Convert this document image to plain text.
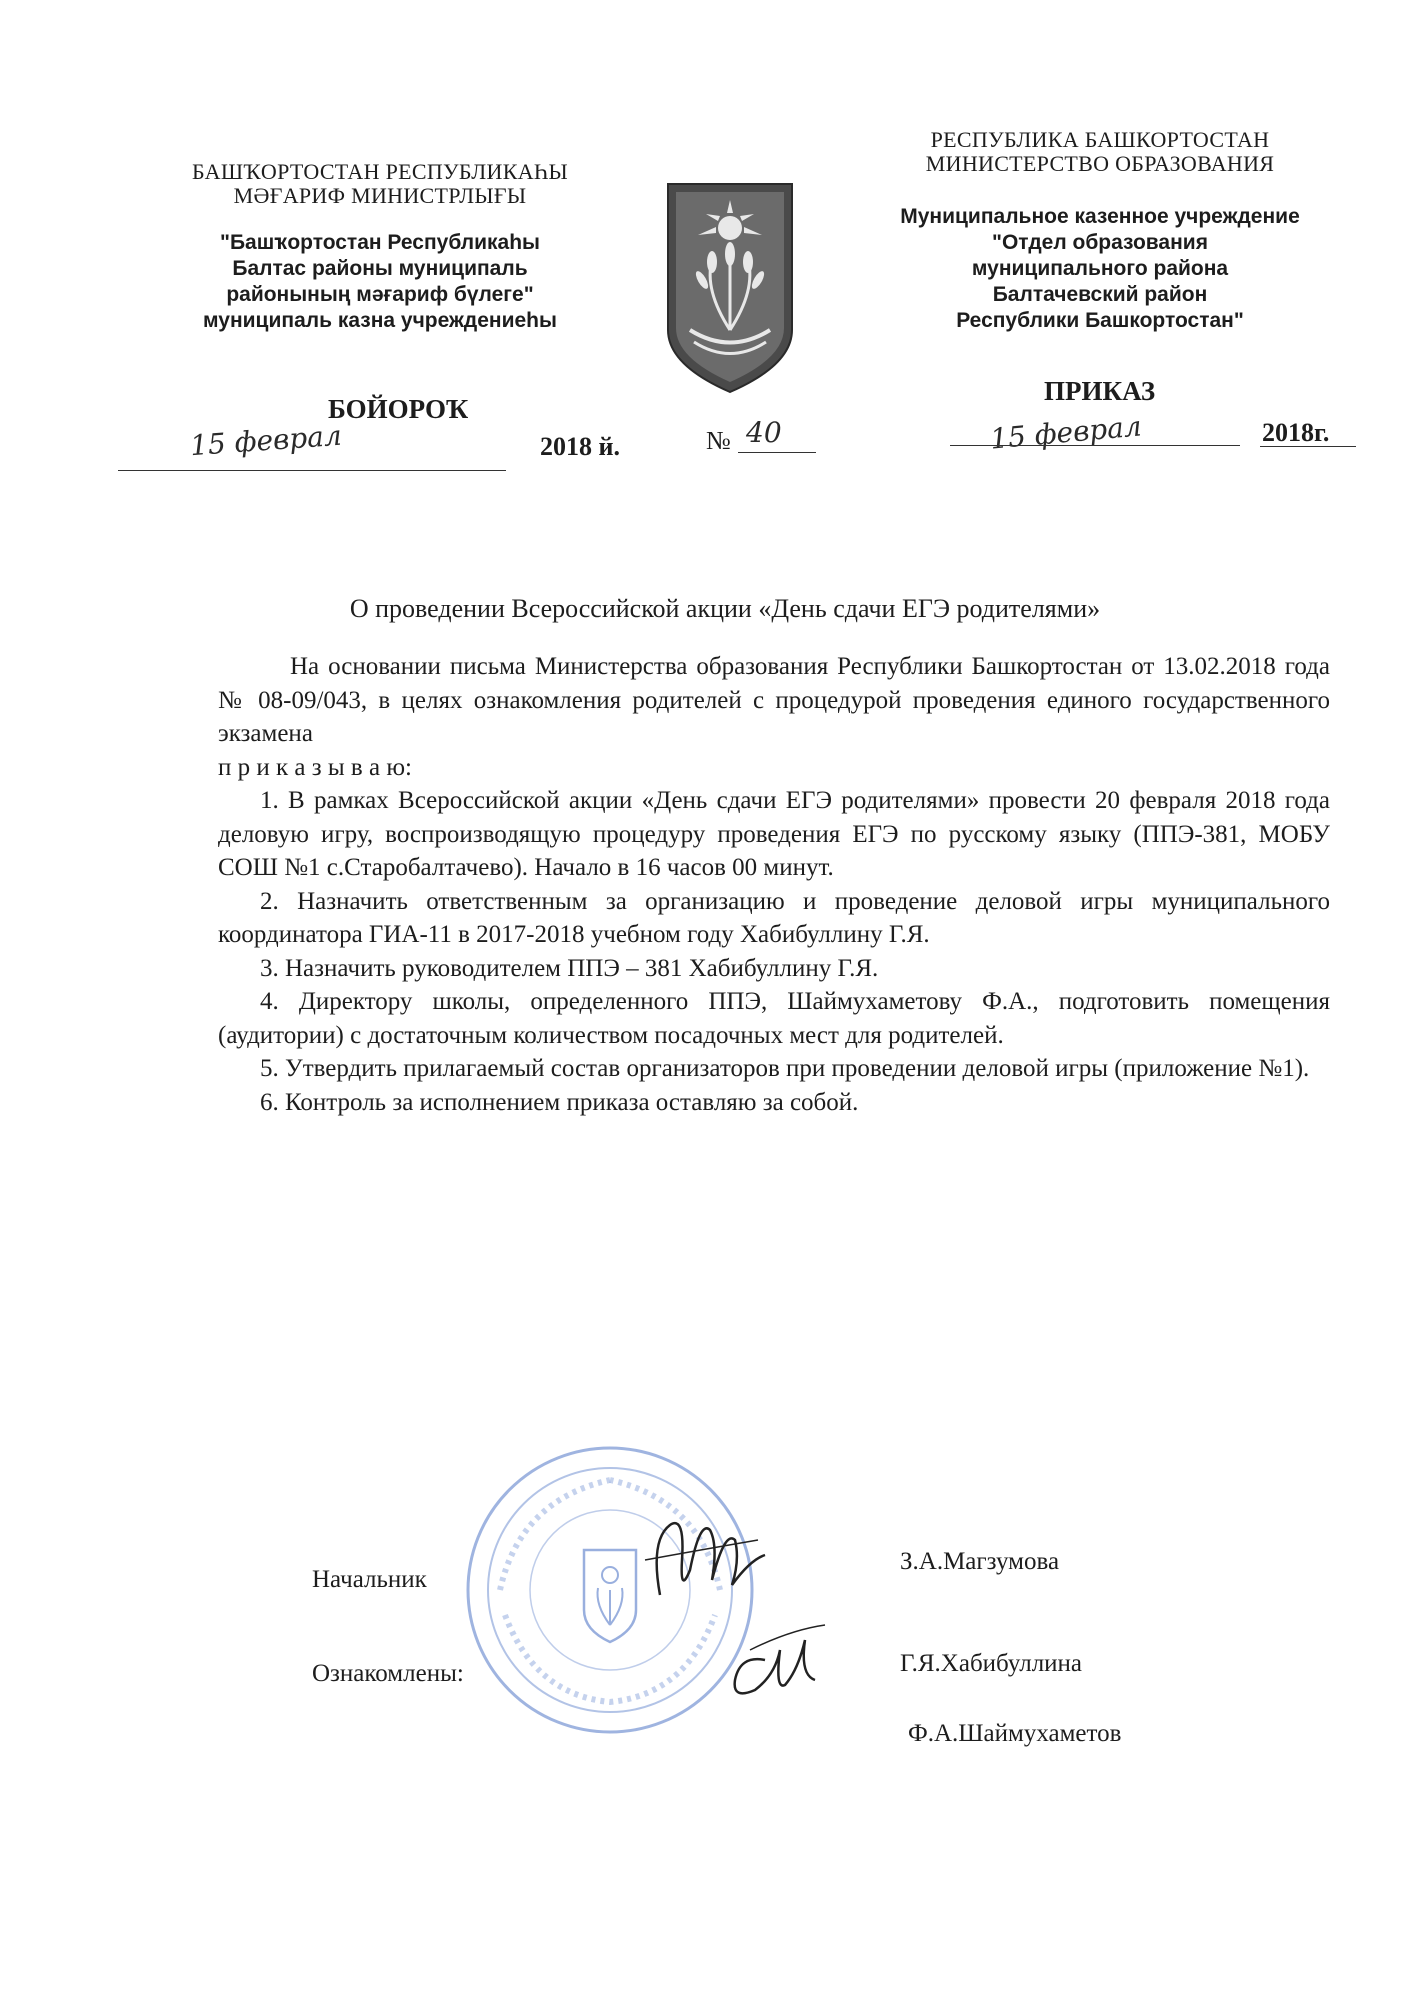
БАШҠОРТОСТАН РЕСПУБЛИКАҺЫ
МӘҒАРИФ МИНИСТРЛЫҒЫ
"Башҡортостан Республикаһы
Балтас районы муниципаль
районының мәғариф бүлеге"
муниципаль казна учреждениеһы
РЕСПУБЛИКА БАШКОРТОСТАН
МИНИСТЕРСТВО ОБРАЗОВАНИЯ
Муниципальное казенное учреждение
"Отдел образования
муниципального района
Балтачевский район
Республики Башкортостан"
БОЙОРОҠ
ПРИКАЗ
15 феврал	2018 й.	№ 40	15 феврал	2018г.
О проведении Всероссийской акции «День сдачи ЕГЭ родителями»

На основании письма Министерства образования Республики Башкортостан от 13.02.2018 года № 08-09/043, в целях ознакомления родителей с процедурой проведения единого государственного экзамена

п р и к а з ы в а ю:

1. В рамках Всероссийской акции «День сдачи ЕГЭ родителями» провести 20 февраля 2018 года деловую игру, воспроизводящую процедуру проведения ЕГЭ по русскому языку (ППЭ-381, МОБУ СОШ №1 с.Старобалтачево). Начало в 16 часов 00 минут.

2. Назначить ответственным за организацию и проведение деловой игры муниципального координатора ГИА-11 в 2017-2018 учебном году Хабибуллину Г.Я.

3. Назначить руководителем ППЭ – 381 Хабибуллину Г.Я.

4. Директору школы, определенного ППЭ, Шаймухаметову Ф.А., подготовить помещения (аудитории) с достаточным количеством посадочных мест для родителей.

5. Утвердить прилагаемый состав организаторов при проведении деловой игры (приложение №1).

6. Контроль за исполнением приказа оставляю за собой.

Начальник
З.А.Магзумова
Ознакомлены:	Г.Я.Хабибуллина
Ф.А.Шаймухаметов
